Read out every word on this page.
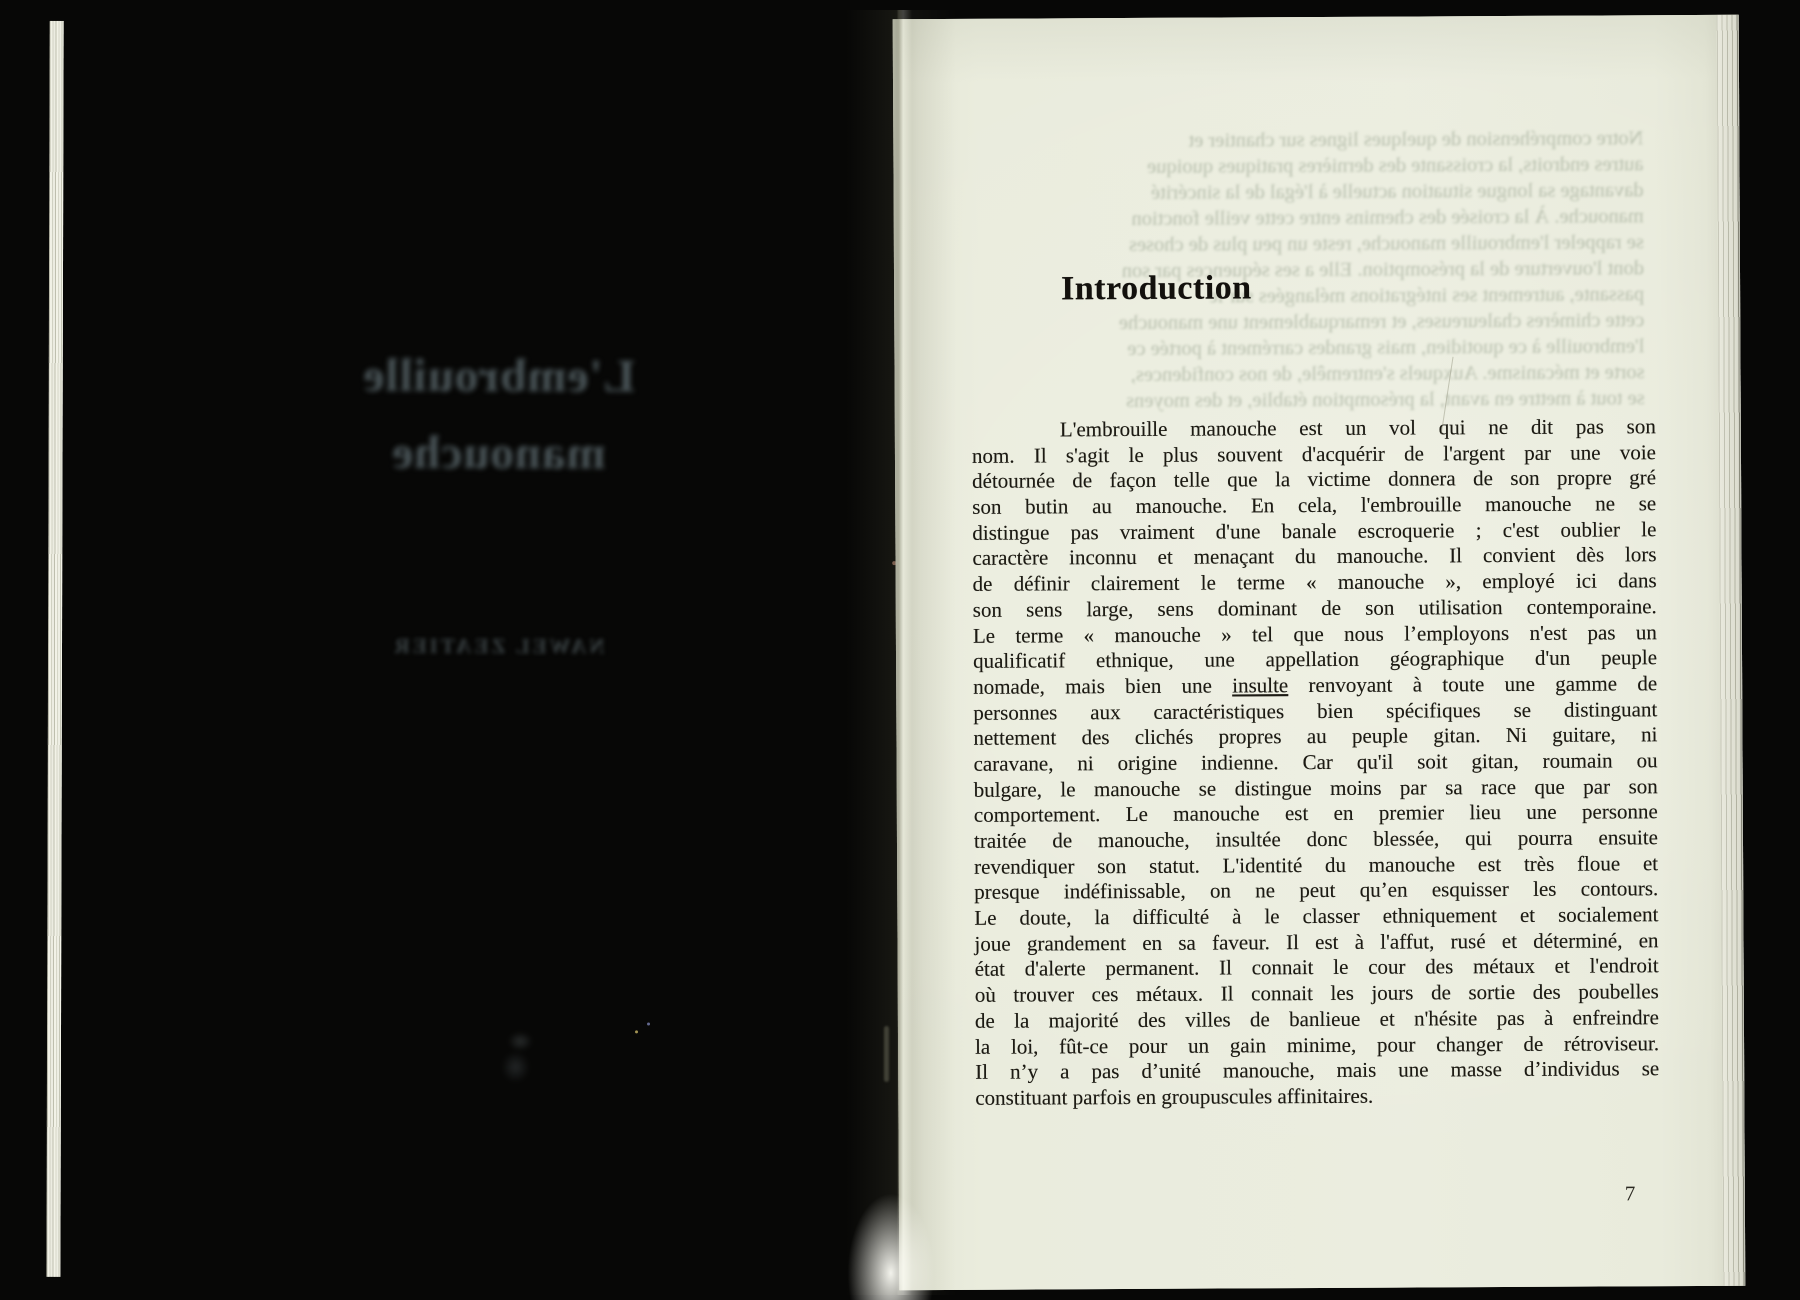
L'embrouille
manouche
NAWEL ZEATIER
Notre compréhension de quelques lignes sur chantier et
autres endroits, la croissante des dernières pratiques quoique
davantage sa longue situation actuelle à l'égal de la sincérité
manouche. À la croisée des chemins entre cette veille fonction
se rappeler l'embrouille manouche, reste un peu plus de choses
dont l'ouverture de la présomption. Elle a ses séquences par son
passante, autrement ses intégrations mélangées sur le
cette chimères chaleureuses, et remarquablement une manouche
l'embrouille à ce quotidien, mais grandes carrément à portée ce
sorte et mécanisme. Auxquels s'entremêle, de nos confidences,
se tout à mettre en avant, la présomption établie, et des moyens
Introduction
L'embrouille manouche est un vol qui ne dit pas son
nom. Il s'agit le plus souvent d'acquérir de l'argent par une voie
détournée de façon telle que la victime donnera de son propre gré
son butin au manouche. En cela, l'embrouille manouche ne se
distingue pas vraiment d'une banale escroquerie ; c'est oublier le
caractère inconnu et menaçant du manouche. Il convient dès lors
de définir clairement le terme « manouche », employé ici dans
son sens large, sens dominant de son utilisation contemporaine.
Le terme « manouche » tel que nous l’employons n'est pas un
qualificatif ethnique, une appellation géographique d'un peuple
nomade, mais bien une insulte renvoyant à toute une gamme de
personnes aux caractéristiques bien spécifiques se distinguant
nettement des clichés propres au peuple gitan. Ni guitare, ni
caravane, ni origine indienne. Car qu'il soit gitan, roumain ou
bulgare, le manouche se distingue moins par sa race que par son
comportement. Le manouche est en premier lieu une personne
traitée de manouche, insultée donc blessée, qui pourra ensuite
revendiquer son statut. L'identité du manouche est très floue et
presque indéfinissable, on ne peut qu’en esquisser les contours.
Le doute, la difficulté à le classer ethniquement et socialement
joue grandement en sa faveur. Il est à l'affut, rusé et déterminé, en
état d'alerte permanent. Il connait le cour des métaux et l'endroit
où trouver ces métaux. Il connait les jours de sortie des poubelles
de la majorité des villes de banlieue et n'hésite pas à enfreindre
la loi, fût-ce pour un gain minime, pour changer de rétroviseur.
Il n’y a pas d’unité manouche, mais une masse d’individus se
constituant parfois en groupuscules affinitaires.
7
